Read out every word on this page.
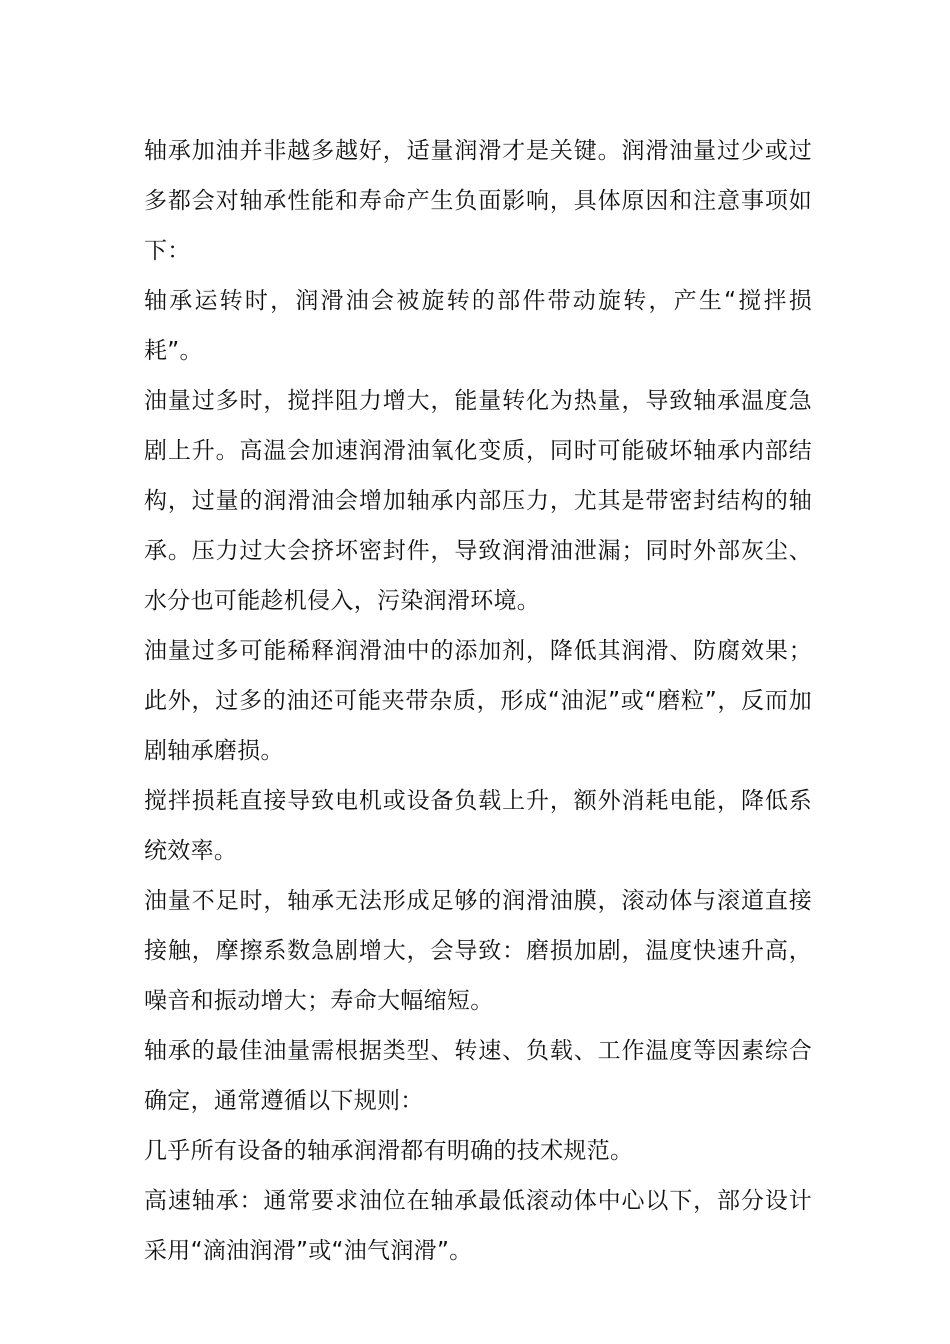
轴承加油并非越多越好，适量润滑才是关键。润滑油量过少或过多都会对轴承性能和寿命产生负面影响，具体原因和注意事项如下：

轴承运转时，润滑油会被旋转的部件带动旋转，产生“搅拌损耗”。

油量过多时，搅拌阻力增大，能量转化为热量，导致轴承温度急剧上升。高温会加速润滑油氧化变质，同时可能破坏轴承内部结构，过量的润滑油会增加轴承内部压力，尤其是带密封结构的轴承。压力过大会挤坏密封件，导致润滑油泄漏；同时外部灰尘、水分也可能趁机侵入，污染润滑环境。

油量过多可能稀释润滑油中的添加剂，降低其润滑、防腐效果；此外，过多的油还可能夹带杂质，形成“油泥”或“磨粒”，反而加剧轴承磨损。

搅拌损耗直接导致电机或设备负载上升，额外消耗电能，降低系统效率。

油量不足时，轴承无法形成足够的润滑油膜，滚动体与滚道直接接触，摩擦系数急剧增大，会导致：磨损加剧，温度快速升高，噪音和振动增大；寿命大幅缩短。

轴承的最佳油量需根据类型、转速、负载、工作温度等因素综合确定，通常遵循以下规则：

几乎所有设备的轴承润滑都有明确的技术规范。

高速轴承：通常要求油位在轴承最低滚动体中心以下，部分设计采用“滴油润滑”或“油气润滑”。
